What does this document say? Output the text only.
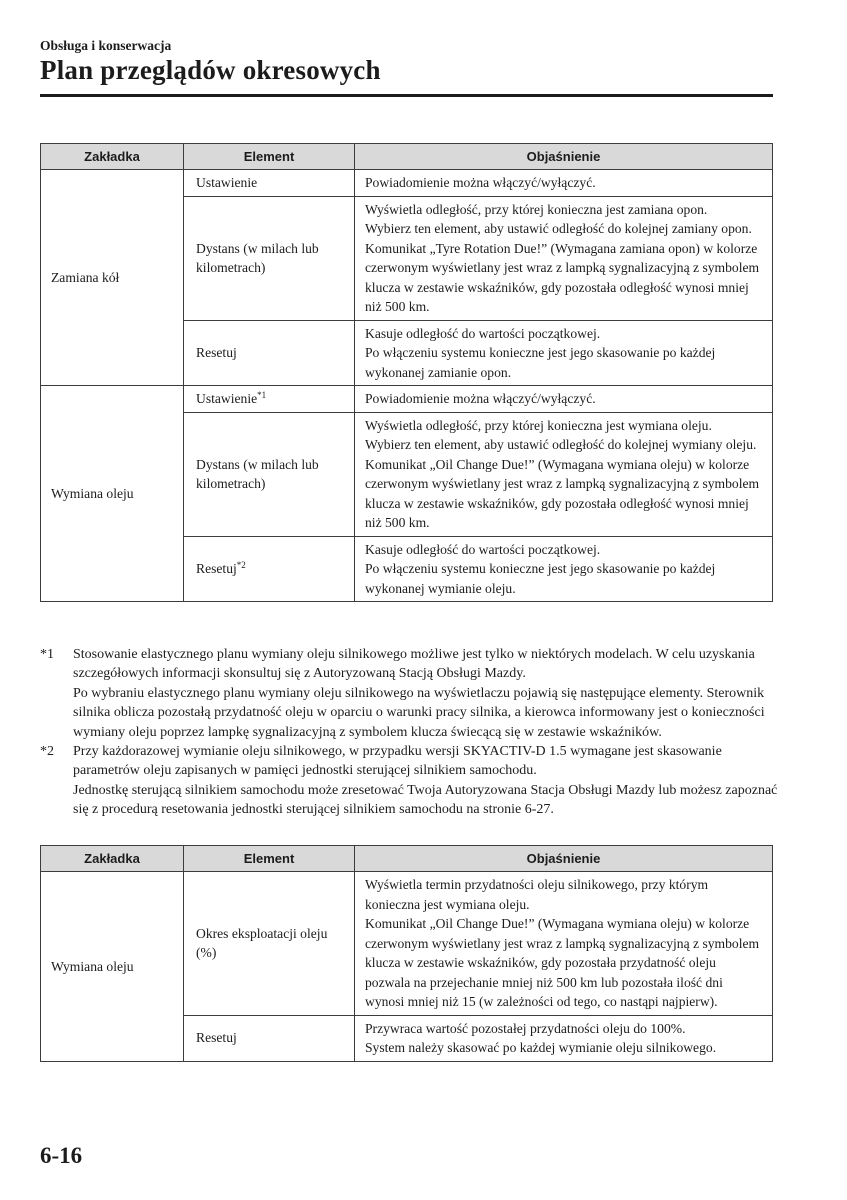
Obsługa i konserwacja
Plan przeglądów okresowych
Zakładka	Element	Objaśnienie
Zamiana kół	Ustawienie	Powiadomienie można włączyć/wyłączyć.

	Dystans (w milach lub kilometrach)	Wyświetla odległość, przy której konieczna jest zamiana opon.
Wybierz ten element, aby ustawić odległość do kolejnej zamiany opon.
Komunikat „Tyre Rotation Due!” (Wymagana zamiana opon) w kolorze czerwonym wyświetlany jest wraz z lampką sygnalizacyjną z symbolem klucza w zestawie wskaźników, gdy pozostała odległość wynosi mniej niż 500 km.

	Resetuj	Kasuje odległość do wartości początkowej.
Po włączeniu systemu konieczne jest jego skasowanie po każdej wykonanej zamianie opon.

Wymiana oleju	Ustawienie$^{*1}$	Powiadomienie można włączyć/wyłączyć.

	Dystans (w milach lub kilometrach)	Wyświetla odległość, przy której konieczna jest wymiana oleju.
Wybierz ten element, aby ustawić odległość do kolejnej wymiany oleju.
Komunikat „Oil Change Due!” (Wymagana wymiana oleju) w kolorze czerwonym wyświetlany jest wraz z lampką sygnalizacyjną z symbolem klucza w zestawie wskaźników, gdy pozostała odległość wynosi mniej niż 500 km.

	Resetuj$^{*2}$	Kasuje odległość do wartości początkowej.
Po włączeniu systemu konieczne jest jego skasowanie po każdej wykonanej wymianie oleju.
*1 Stosowanie elastycznego planu wymiany oleju silnikowego możliwe jest tylko w niektórych modelach. W celu uzyskania szczegółowych informacji skonsultuj się z Autoryzowaną Stacją Obsługi Mazdy.
Po wybraniu elastycznego planu wymiany oleju silnikowego na wyświetlaczu pojawią się następujące elementy. Sterownik silnika oblicza pozostałą przydatność oleju w oparciu o warunki pracy silnika, a kierowca informowany jest o konieczności wymiany oleju poprzez lampkę sygnalizacyjną z symbolem klucza świecącą się w zestawie wskaźników.
*2 Przy każdorazowej wymianie oleju silnikowego, w przypadku wersji SKYACTIV-D 1.5 wymagane jest skasowanie parametrów oleju zapisanych w pamięci jednostki sterującej silnikiem samochodu.
Jednostkę sterującą silnikiem samochodu może zresetować Twoja Autoryzowana Stacja Obsługi Mazdy lub możesz zapoznać się z procedurą resetowania jednostki sterującej silnikiem samochodu na stronie 6-27.
Zakładka	Element	Objaśnienie
Wymiana oleju	Okres eksploatacji oleju (%)	Wyświetla termin przydatności oleju silnikowego, przy którym konieczna jest wymiana oleju.
Komunikat „Oil Change Due!” (Wymagana wymiana oleju) w kolorze czerwonym wyświetlany jest wraz z lampką sygnalizacyjną z symbolem klucza w zestawie wskaźników, gdy pozostała przydatność oleju pozwala na przejechanie mniej niż 500 km lub pozostała ilość dni wynosi mniej niż 15 (w zależności od tego, co nastąpi najpierw).

	Resetuj	Przywraca wartość pozostałej przydatności oleju do 100%.
System należy skasować po każdej wymianie oleju silnikowego.
6-16
